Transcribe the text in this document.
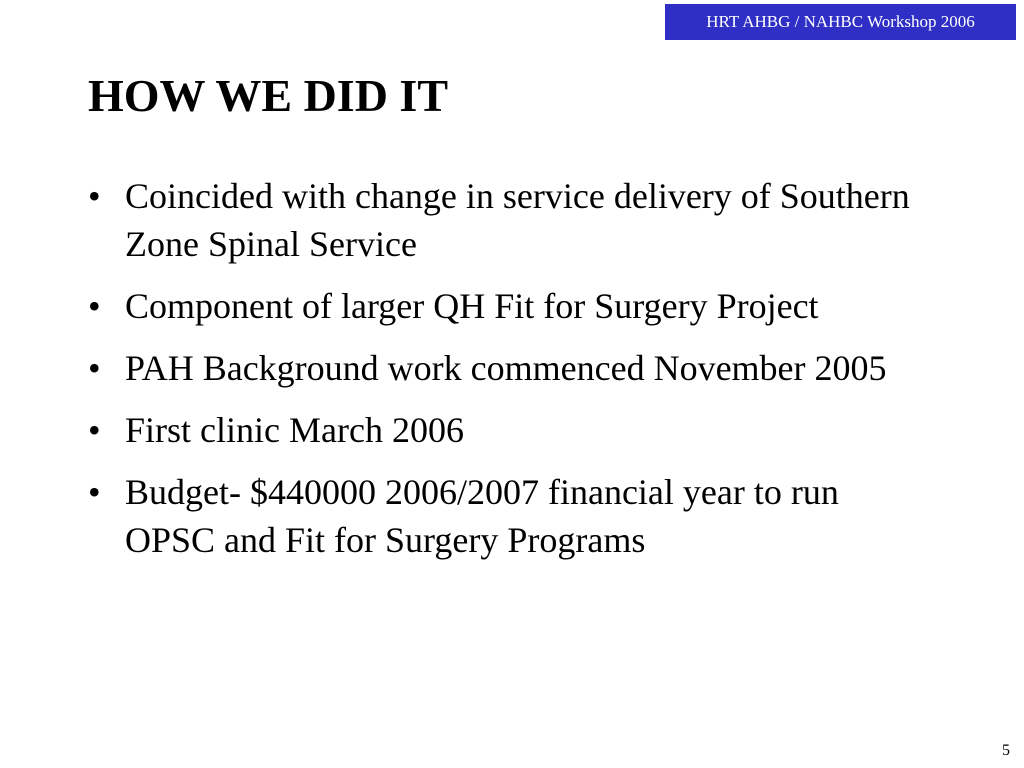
HRT AHBG / NAHBC Workshop 2006
HOW WE DID IT
• Coincided with change in service delivery of Southern Zone Spinal Service
• Component of larger QH Fit for Surgery Project
• PAH Background work commenced November 2005
• First clinic March 2006
• Budget- $440000 2006/2007 financial year to run OPSC and Fit for Surgery Programs
5
